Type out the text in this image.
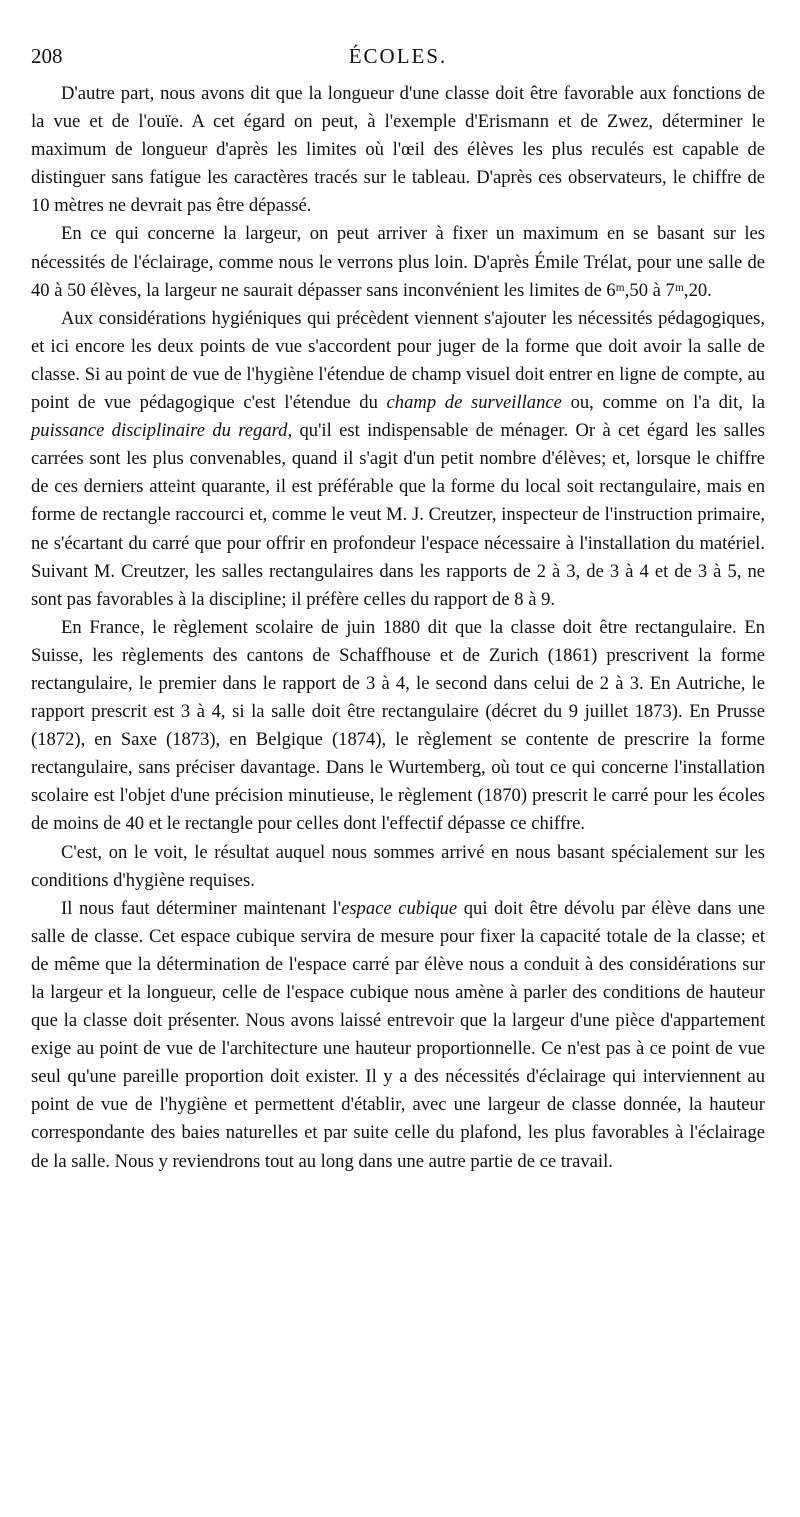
208	ÉCOLES.

D'autre part, nous avons dit que la longueur d'une classe doit être favorable aux fonctions de la vue et de l'ouïe. A cet égard on peut, à l'exemple d'Erismann et de Zwez, déterminer le maximum de longueur d'après les limites où l'œil des élèves les plus reculés est capable de distinguer sans fatigue les caractères tracés sur le tableau. D'après ces observateurs, le chiffre de 10 mètres ne devrait pas être dépassé.

En ce qui concerne la largeur, on peut arriver à fixer un maximum en se basant sur les nécessités de l'éclairage, comme nous le verrons plus loin. D'après Émile Trélat, pour une salle de 40 à 50 élèves, la largeur ne saurait dépasser sans inconvénient les limites de 6ᵐ,50 à 7ᵐ,20.

Aux considérations hygiéniques qui précèdent viennent s'ajouter les nécessités pédagogiques, et ici encore les deux points de vue s'accordent pour juger de la forme que doit avoir la salle de classe. Si au point de vue de l'hygiène l'étendue de champ visuel doit entrer en ligne de compte, au point de vue pédagogique c'est l'étendue du champ de surveillance ou, comme on l'a dit, la puissance disciplinaire du regard, qu'il est indispensable de ménager. Or à cet égard les salles carrées sont les plus convenables, quand il s'agit d'un petit nombre d'élèves; et, lorsque le chiffre de ces derniers atteint quarante, il est préférable que la forme du local soit rectangulaire, mais en forme de rectangle raccourci et, comme le veut M. J. Creutzer, inspecteur de l'instruction primaire, ne s'écartant du carré que pour offrir en profondeur l'espace nécessaire à l'installation du matériel. Suivant M. Creutzer, les salles rectangulaires dans les rapports de 2 à 3, de 3 à 4 et de 3 à 5, ne sont pas favorables à la discipline; il préfère celles du rapport de 8 à 9.

En France, le règlement scolaire de juin 1880 dit que la classe doit être rectangulaire. En Suisse, les règlements des cantons de Schaffhouse et de Zurich (1861) prescrivent la forme rectangulaire, le premier dans le rapport de 3 à 4, le second dans celui de 2 à 3. En Autriche, le rapport prescrit est 3 à 4, si la salle doit être rectangulaire (décret du 9 juillet 1873). En Prusse (1872), en Saxe (1873), en Belgique (1874), le règlement se contente de prescrire la forme rectangulaire, sans préciser davantage. Dans le Wurtemberg, où tout ce qui concerne l'installation scolaire est l'objet d'une précision minutieuse, le règlement (1870) prescrit le carré pour les écoles de moins de 40 et le rectangle pour celles dont l'effectif dépasse ce chiffre.

C'est, on le voit, le résultat auquel nous sommes arrivé en nous basant spécialement sur les conditions d'hygiène requises.

Il nous faut déterminer maintenant l'espace cubique qui doit être dévolu par élève dans une salle de classe. Cet espace cubique servira de mesure pour fixer la capacité totale de la classe; et de même que la détermination de l'espace carré par élève nous a conduit à des considérations sur la largeur et la longueur, celle de l'espace cubique nous amène à parler des conditions de hauteur que la classe doit présenter. Nous avons laissé entrevoir que la largeur d'une pièce d'appartement exige au point de vue de l'architecture une hauteur proportionnelle. Ce n'est pas à ce point de vue seul qu'une pareille proportion doit exister. Il y a des nécessités d'éclairage qui interviennent au point de vue de l'hygiène et permettent d'établir, avec une largeur de classe donnée, la hauteur correspondante des baies naturelles et par suite celle du plafond, les plus favorables à l'éclairage de la salle. Nous y reviendrons tout au long dans une autre partie de ce travail.
